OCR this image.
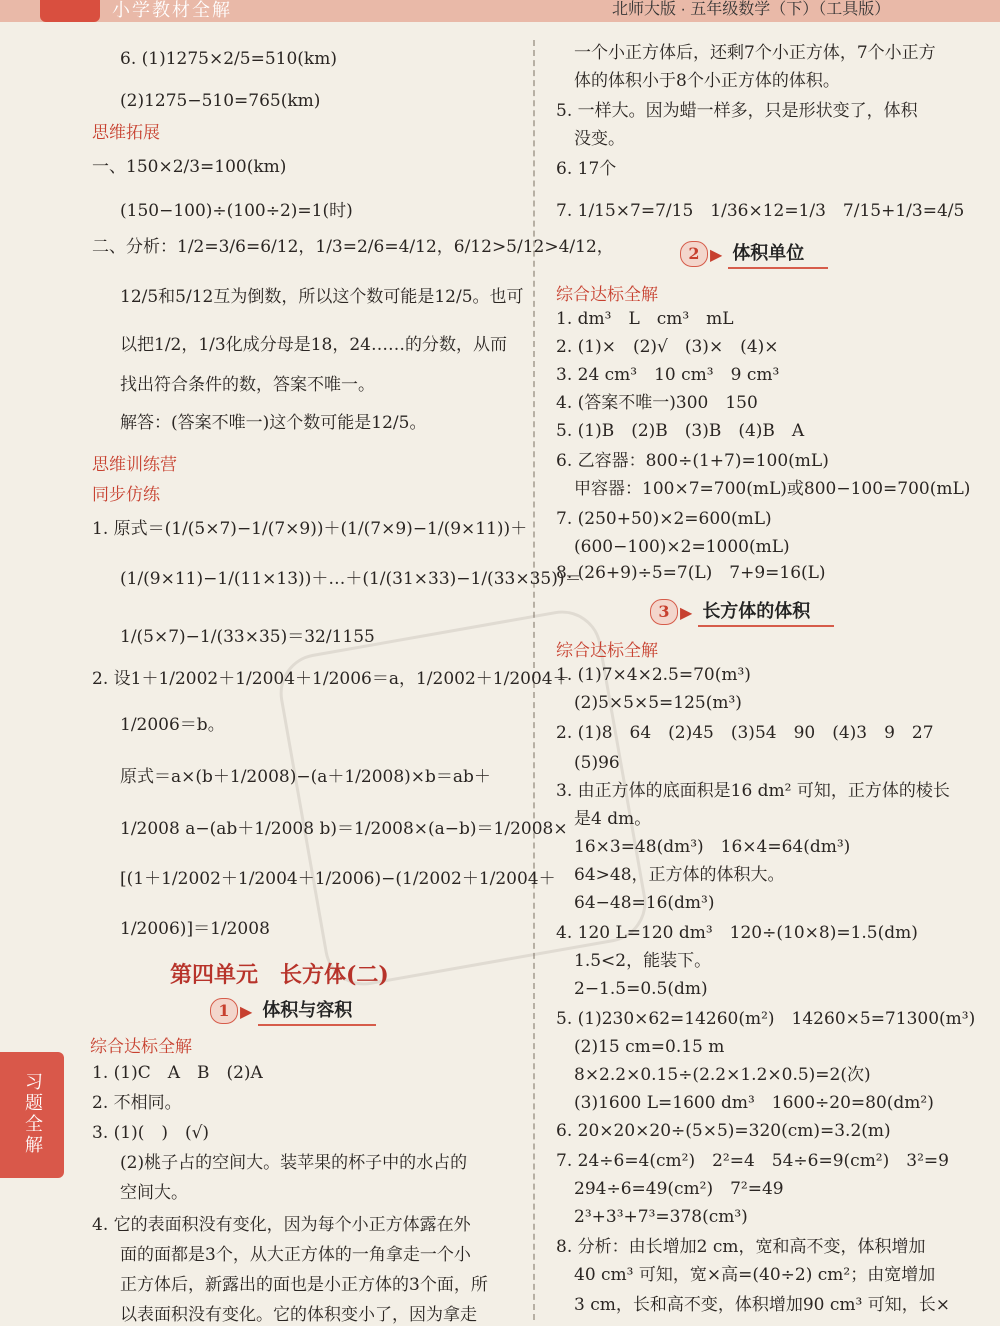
小学教材全解	北师大版 · 五年级数学（下）（工具版）
习题全解
6. (1)1275×2/5=510(km)
(2)1275−510=765(km)
思维拓展
一、150×2/3=100(km)
(150−100)÷(100÷2)=1(时)
二、分析：1/2=3/6=6/12，1/3=2/6=4/12，6/12>5/12>4/12，
12/5和5/12互为倒数，所以这个数可能是12/5。也可
以把1/2，1/3化成分母是18，24……的分数，从而
找出符合条件的数，答案不唯一。
解答：(答案不唯一)这个数可能是12/5。
思维训练营
同步仿练
1. 原式＝(1/(5×7)−1/(7×9))＋(1/(7×9)−1/(9×11))＋
(1/(9×11)−1/(11×13))＋…＋(1/(31×33)−1/(33×35))＝
1/(5×7)−1/(33×35)＝32/1155
2. 设1＋1/2002＋1/2004＋1/2006＝a，1/2002＋1/2004＋
1/2006＝b。
原式＝a×(b＋1/2008)−(a＋1/2008)×b＝ab＋
1/2008 a−(ab＋1/2008 b)＝1/2008×(a−b)＝1/2008×
[(1＋1/2002＋1/2004＋1/2006)−(1/2002＋1/2004＋
1/2006)]＝1/2008
第四单元　长方体(二)
1 ▶ 体积与容积
综合达标全解
1. (1)C　A　B　(2)A
2. 不相同。
3. (1)(　)　(√)
(2)桃子占的空间大。装苹果的杯子中的水占的
空间大。
4. 它的表面积没有变化，因为每个小正方体露在外
面的面都是3个，从大正方体的一角拿走一个小
正方体后，新露出的面也是小正方体的3个面，所
以表面积没有变化。它的体积变小了，因为拿走
一个小正方体后，还剩7个小正方体，7个小正方
体的体积小于8个小正方体的体积。
5. 一样大。因为蜡一样多，只是形状变了，体积
没变。
6. 17个
7. 1/15×7=7/15　1/36×12=1/3　7/15+1/3=4/5
2 ▶ 体积单位
综合达标全解
1. dm³　L　cm³　mL
2. (1)×　(2)√　(3)×　(4)×
3. 24 cm³　10 cm³　9 cm³
4. (答案不唯一)300　150
5. (1)B　(2)B　(3)B　(4)B　A
6. 乙容器：800÷(1+7)=100(mL)
甲容器：100×7=700(mL)或800−100=700(mL)
7. (250+50)×2=600(mL)
(600−100)×2=1000(mL)
8. (26+9)÷5=7(L)　7+9=16(L)
3 ▶ 长方体的体积
综合达标全解
1. (1)7×4×2.5=70(m³)
(2)5×5×5=125(m³)
2. (1)8　64　(2)45　(3)54　90　(4)3　9　27
(5)96
3. 由正方体的底面积是16 dm² 可知，正方体的棱长
是4 dm。
16×3=48(dm³)　16×4=64(dm³)
64>48，正方体的体积大。
64−48=16(dm³)
4. 120 L=120 dm³　120÷(10×8)=1.5(dm)
1.5<2，能装下。
2−1.5=0.5(dm)
5. (1)230×62=14260(m²)　14260×5=71300(m³)
(2)15 cm=0.15 m
8×2.2×0.15÷(2.2×1.2×0.5)=2(次)
(3)1600 L=1600 dm³　1600÷20=80(dm²)
6. 20×20×20÷(5×5)=320(cm)=3.2(m)
7. 24÷6=4(cm²)　2²=4　54÷6=9(cm²)　3²=9
294÷6=49(cm²)　7²=49
2³+3³+7³=378(cm³)
8. 分析：由长增加2 cm，宽和高不变，体积增加
40 cm³ 可知，宽×高=(40÷2) cm²；由宽增加
3 cm，长和高不变，体积增加90 cm³ 可知，长×
